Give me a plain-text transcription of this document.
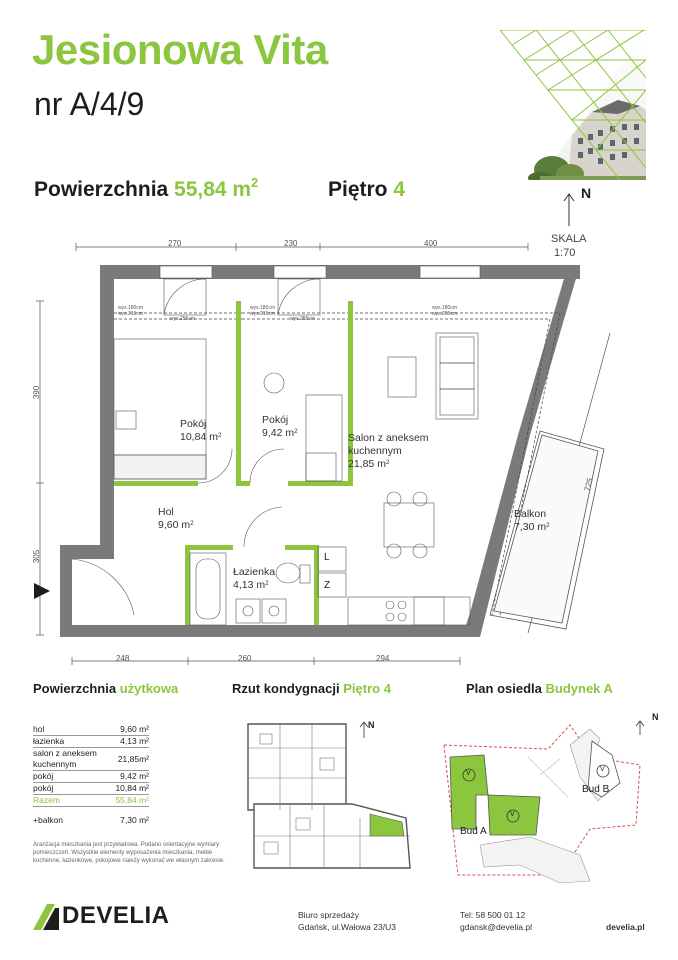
Jesionowa Vita
nr A/4/9
Powierzchnia 55,84 $m^2$	Piętro 4	N
SKALA
1:70
270	230	400
390
305
248	260	294
725
wys.180cm
wys.215cm
wys.255cm
wys.180cm
wys.215cm
wys.255cm
wys.180cm
wys.255cm
Pokój
10,84 $m^2$
Pokój
9,42 $m^2$
Salon z aneksem
kuchennym
21,85 $m^2$
Hol
9,60 $m^2$
Łazienka
4,13 $m^2$
Balkon
7,30 $m^2$
L
Z
Powierzchnia użytkowa	Rzut kondygnacji Piętro 4	Plan osiedla Budynek A
hol	9,60 m²
łazienka	4,13 m²
salon z aneksem kuchennym	21,85m²
pokój	9,42 m²
pokój	10,84 m²
Razem	55,84 m²
+balkon	7,30 m²
Aranżacja mieszkania jest przykładowa. Podano orientacyjne wymiary pomieszczeń. Wszystkie elementy wyposażenia mieszkania, meble kuchenne, łazienkowe, pokojowe należy wykonać we własnym zakresie.
N
V
V
V
Bud A
Bud B
N
DEVELIA	Biuro sprzedaży
Gdańsk, ul.Wałowa 23/U3
Tel: 58 500 01 12
gdansk@develia.pl	develia.pl
